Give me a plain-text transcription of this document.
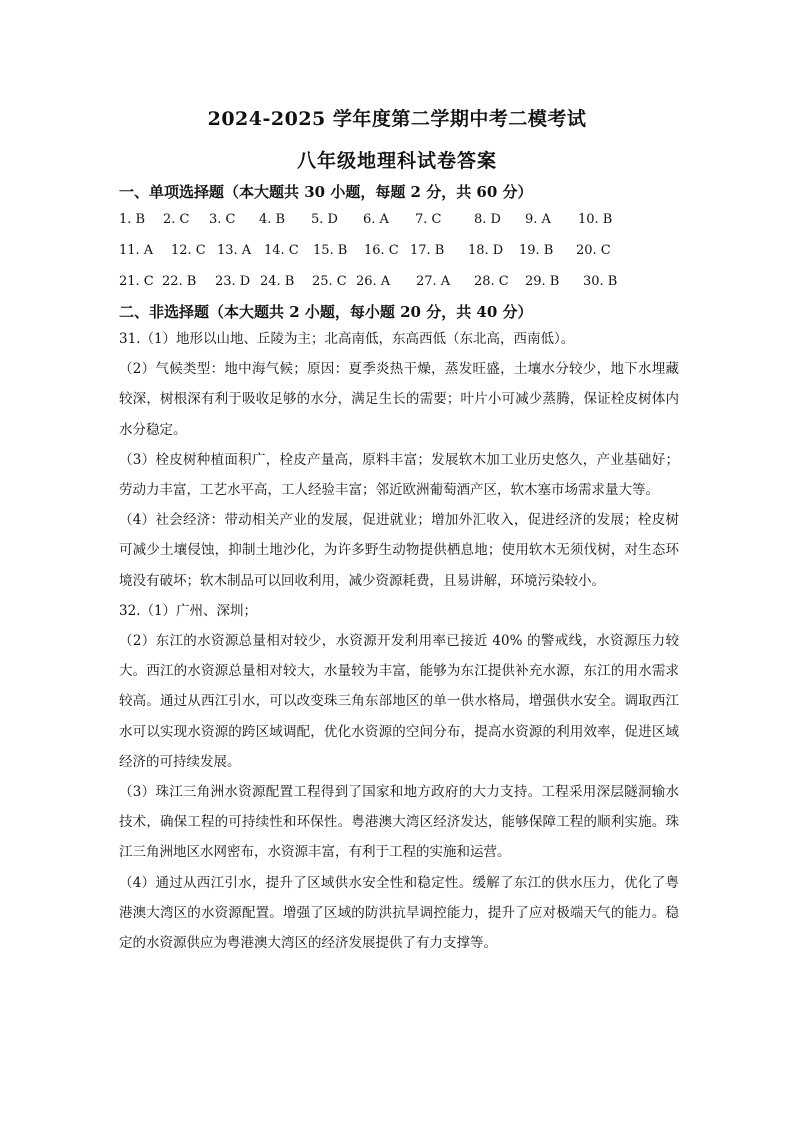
2024-2025 学年度第二学期中考二模考试
八年级地理科试卷答案
一、单项选择题（本大题共 30 小题，每题 2 分，共 60 分）
1. B 2. C 3. C 4. B 5. D 6. A 7. C	8. D 9. A 10. B
11. A 12. C 13. A 14. C 15. B 16. C 17. B 18. D 19. B 20. C
21. C 22. B 23. D 24. B 25. C 26. A 27. A 28. C 29. B 30. B
二、非选择题（本大题共 2 小题，每小题 20 分，共 40 分）

31.（1）地形以山地、丘陵为主；北高南低，东高西低（东北高，西南低）。

（2）气候类型：地中海气候；原因：夏季炎热干燥，蒸发旺盛，土壤水分较少，地下水埋藏较深，树根深有利于吸收足够的水分，满足生长的需要；叶片小可减少蒸腾，保证栓皮树体内水分稳定。

（3）栓皮树种植面积广，栓皮产量高，原料丰富；发展软木加工业历史悠久，产业基础好；劳动力丰富，工艺水平高，工人经验丰富；邻近欧洲葡萄酒产区，软木塞市场需求量大等。

（4）社会经济：带动相关产业的发展，促进就业；增加外汇收入，促进经济的发展；栓皮树可减少土壤侵蚀，抑制土地沙化，为许多野生动物提供栖息地；使用软木无须伐树，对生态环境没有破坏；软木制品可以回收利用，减少资源耗费，且易讲解，环境污染较小。

32.（1）广州、深圳；

（2）东江的水资源总量相对较少，水资源开发利用率已接近 40% 的警戒线，水资源压力较大。西江的水资源总量相对较大，水量较为丰富，能够为东江提供补充水源，东江的用水需求较高。通过从西江引水，可以改变珠三角东部地区的单一供水格局，增强供水安全。调取西江水可以实现水资源的跨区域调配，优化水资源的空间分布，提高水资源的利用效率，促进区域经济的可持续发展。

（3）珠江三角洲水资源配置工程得到了国家和地方政府的大力支持。工程采用深层隧洞输水技术，确保工程的可持续性和环保性。粤港澳大湾区经济发达，能够保障工程的顺利实施。珠江三角洲地区水网密布，水资源丰富，有利于工程的实施和运营。

（4）通过从西江引水，提升了区域供水安全性和稳定性。缓解了东江的供水压力，优化了粤港澳大湾区的水资源配置。增强了区域的防洪抗旱调控能力，提升了应对极端天气的能力。稳定的水资源供应为粤港澳大湾区的经济发展提供了有力支撑等。
